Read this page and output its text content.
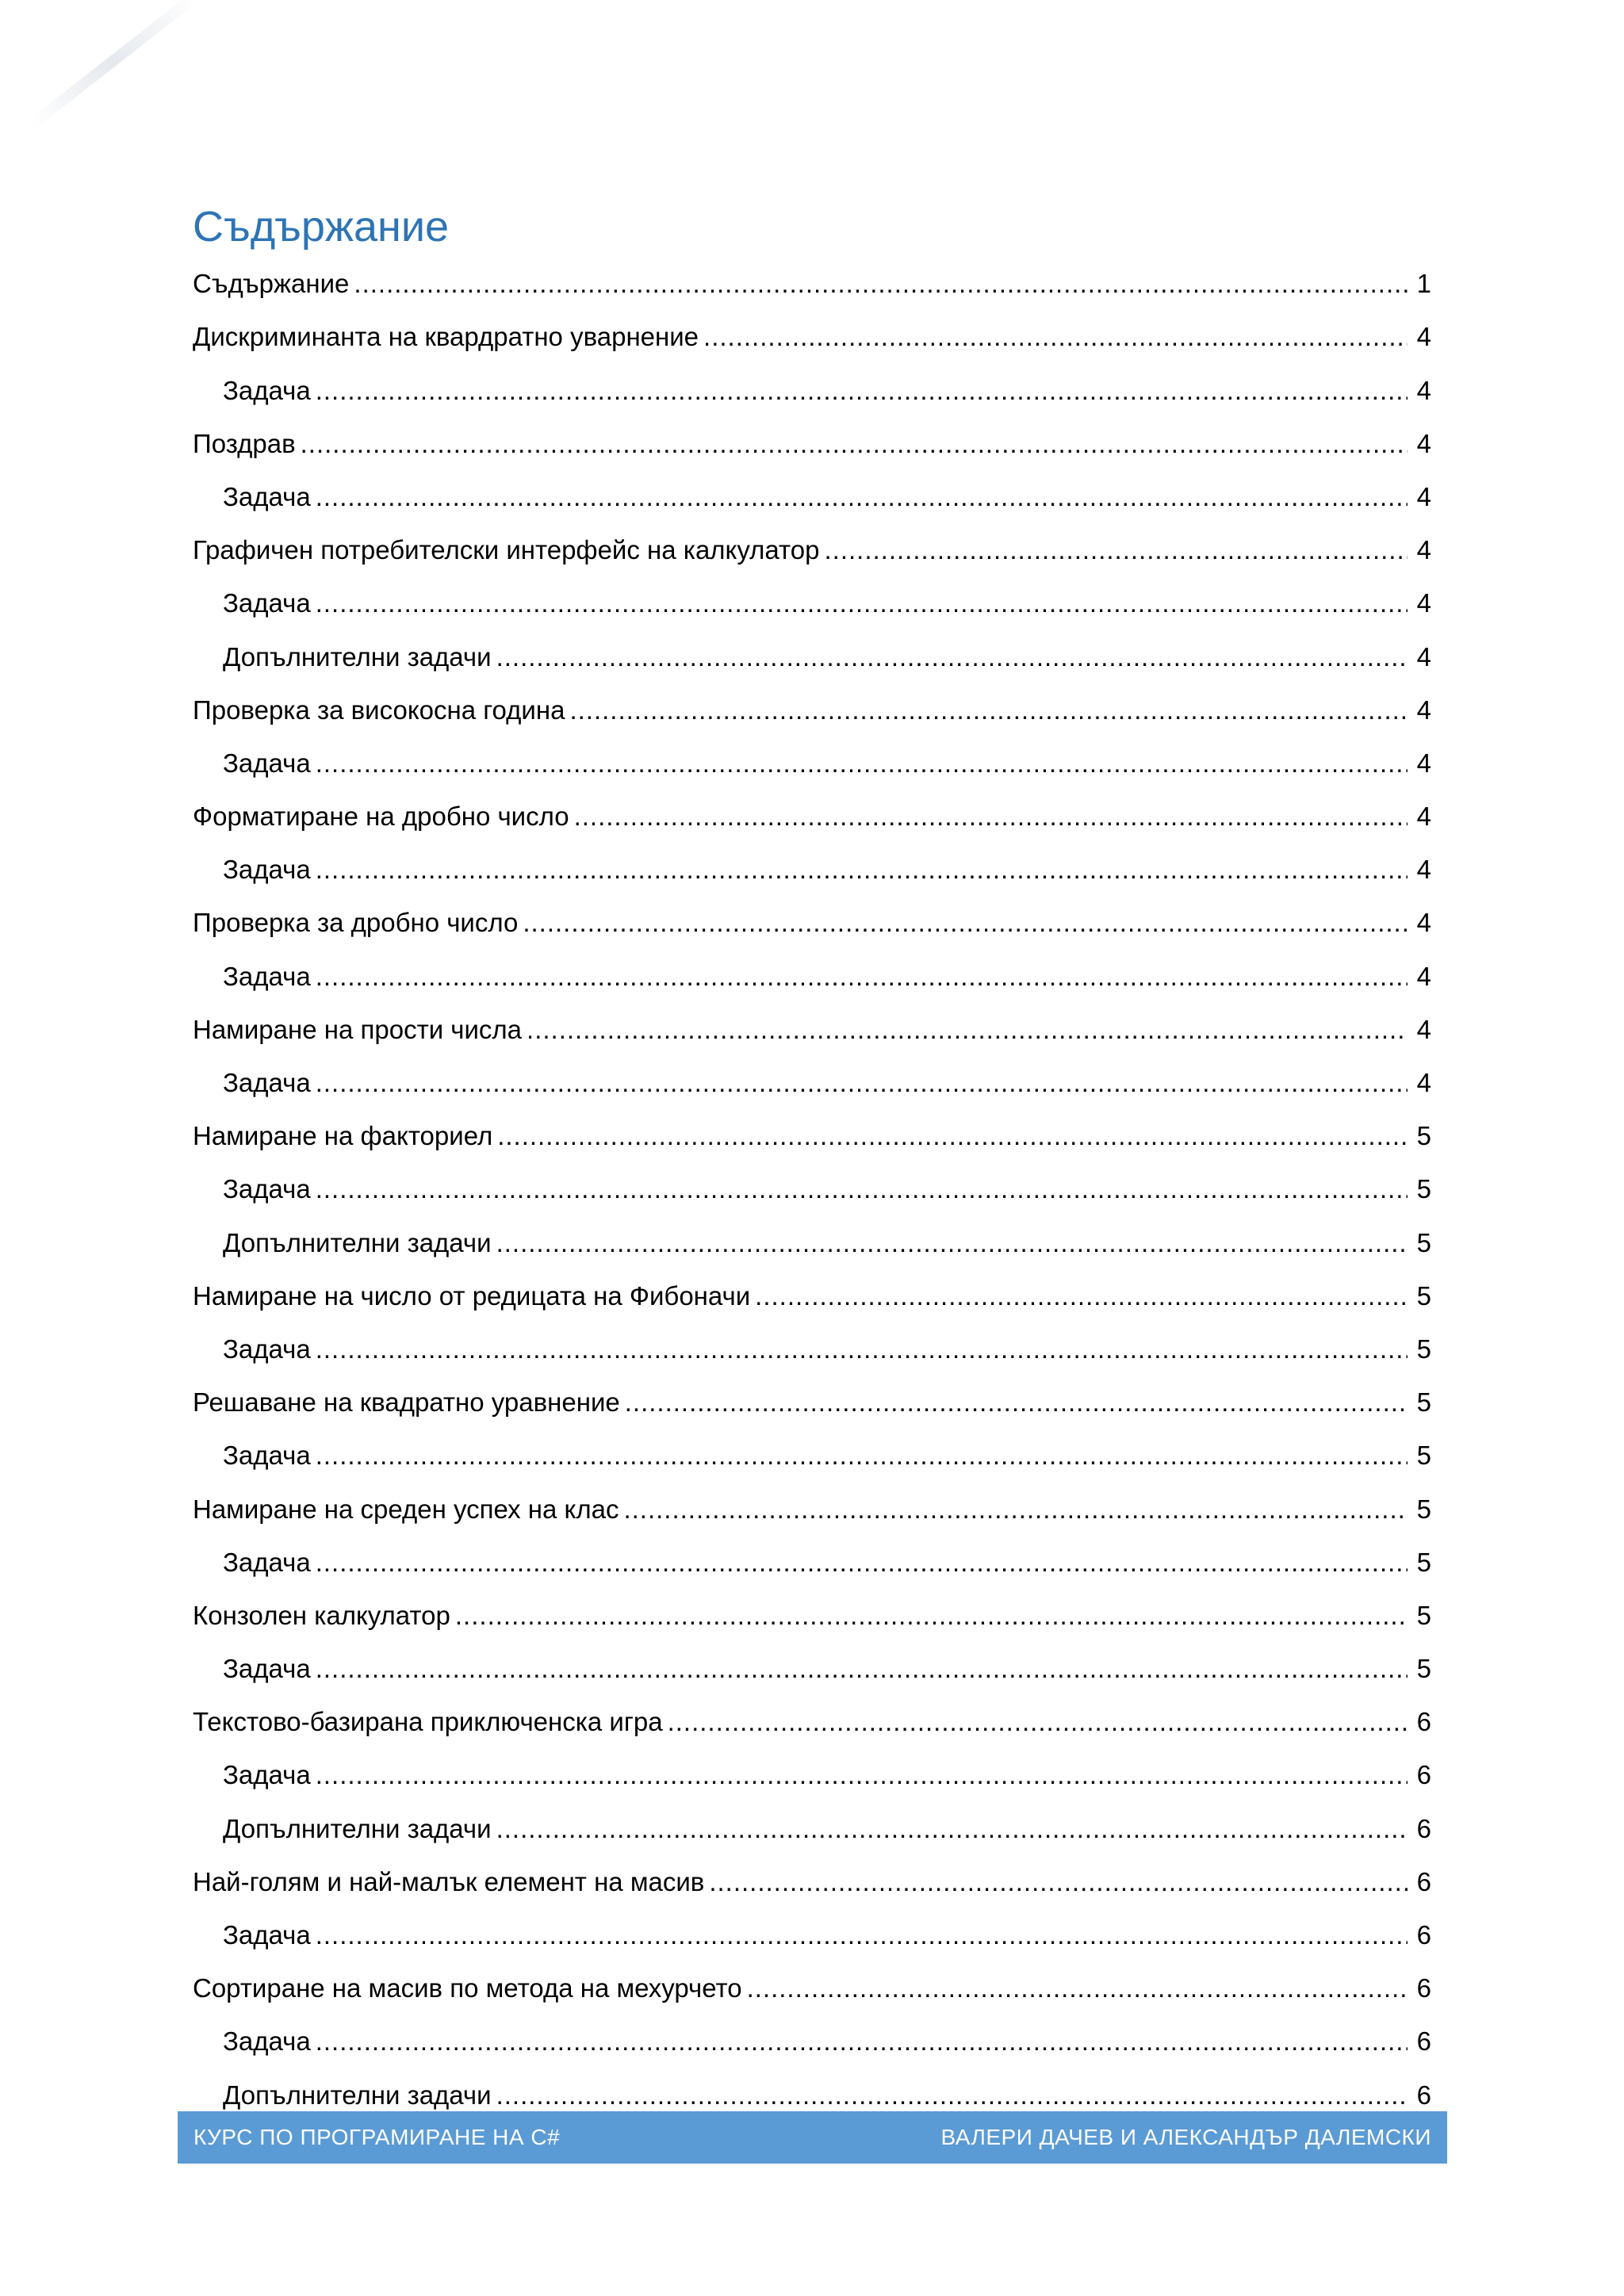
Съдържание
Съдържание .....	1
Дискриминанта на квардратно уварнение .....	4
Задача .....	4
Поздрав .....	4
Задача .....	4
Графичен потребителски интерфейс на калкулатор .....	4
Задача .....	4
Допълнителни задачи .....	4
Проверка за високосна година .....	4
Задача .....	4
Форматиране на дробно число .....	4
Задача .....	4
Проверка за дробно число .....	4
Задача .....	4
Намиране на прости числа .....	4
Задача .....	4
Намиране на факториел .....	5
Задача .....	5
Допълнителни задачи .....	5
Намиране на число от редицата на Фибоначи .....	5
Задача .....	5
Решаване на квадратно уравнение .....	5
Задача .....	5
Намиране на среден успех на клас .....	5
Задача .....	5
Конзолен калкулатор .....	5
Задача .....	5
Текстово-базирана приключенска игра .....	6
Задача .....	6
Допълнителни задачи .....	6
Най-голям и най-малък елемент на масив .....	6
Задача .....	6
Сортиране на масив по метода на мехурчето .....	6
Задача .....	6
Допълнителни задачи .....	6
КУРС ПО ПРОГРАМИРАНЕ НА C#	ВАЛЕРИ ДАЧЕВ И АЛЕКСАНДЪР ДАЛЕМСКИ
